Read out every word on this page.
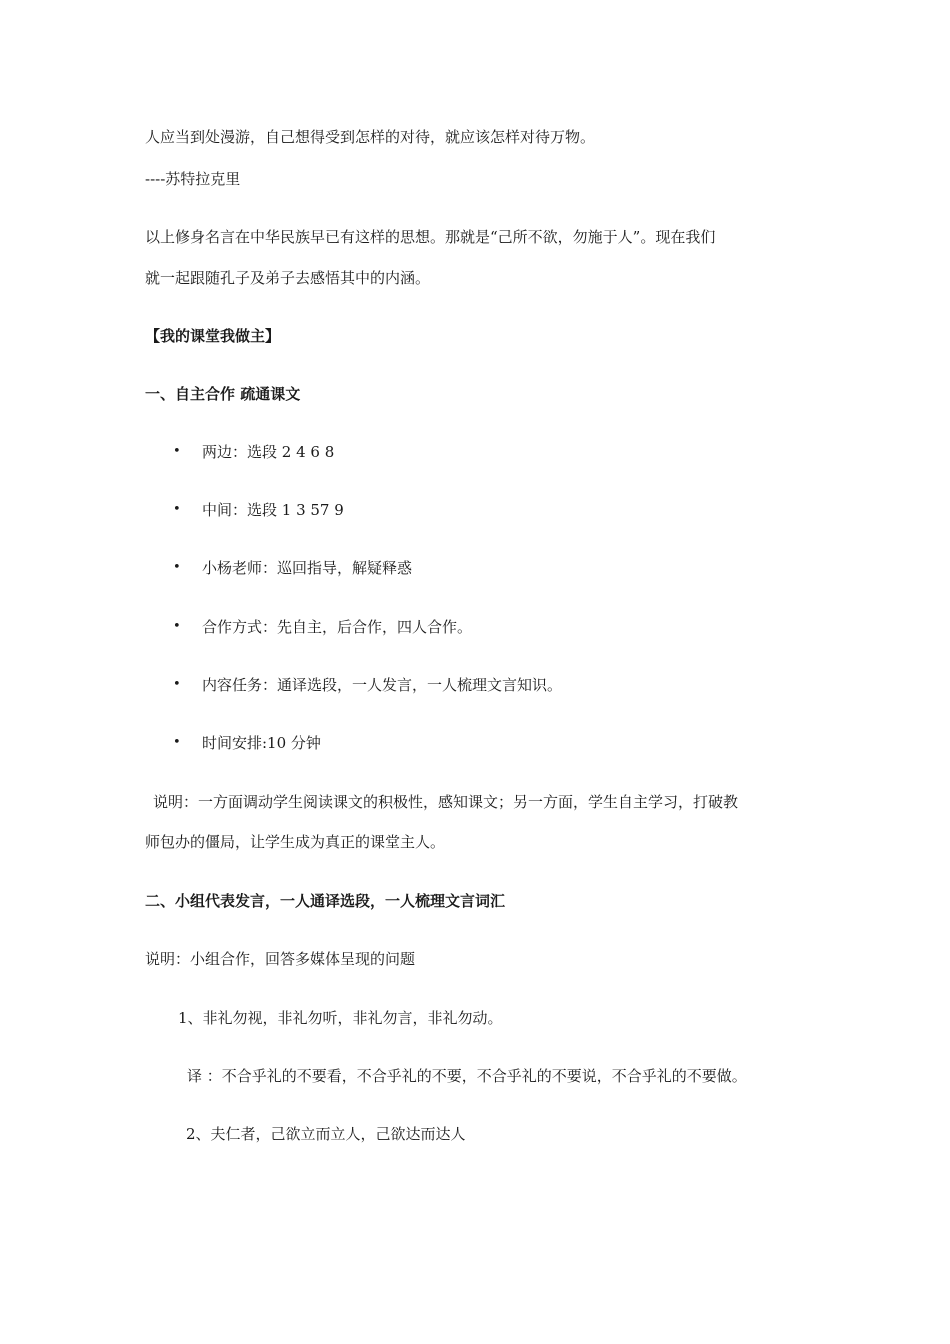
人应当到处漫游，自己想得受到怎样的对待，就应该怎样对待万物。
----苏特拉克里
以上修身名言在中华民族早已有这样的思想。那就是“己所不欲，勿施于人”。现在我们
就一起跟随孔子及弟子去感悟其中的内涵。
【我的课堂我做主】
一、自主合作 疏通课文
• 两边：选段 2 4 6 8
• 中间：选段 1 3 57 9
• 小杨老师：巡回指导，解疑释惑
• 合作方式：先自主，后合作，四人合作。
• 内容任务：通译选段，一人发言，一人梳理文言知识。
• 时间安排:10 分钟
说明：一方面调动学生阅读课文的积极性，感知课文；另一方面，学生自主学习，打破教
师包办的僵局，让学生成为真正的课堂主人。
二、小组代表发言，一人通译选段，一人梳理文言词汇
说明：小组合作，回答多媒体呈现的问题
1、非礼勿视，非礼勿听，非礼勿言，非礼勿动。
译 ：不合乎礼的不要看，不合乎礼的不要，不合乎礼的不要说，不合乎礼的不要做。
2、夫仁者，己欲立而立人，己欲达而达人
